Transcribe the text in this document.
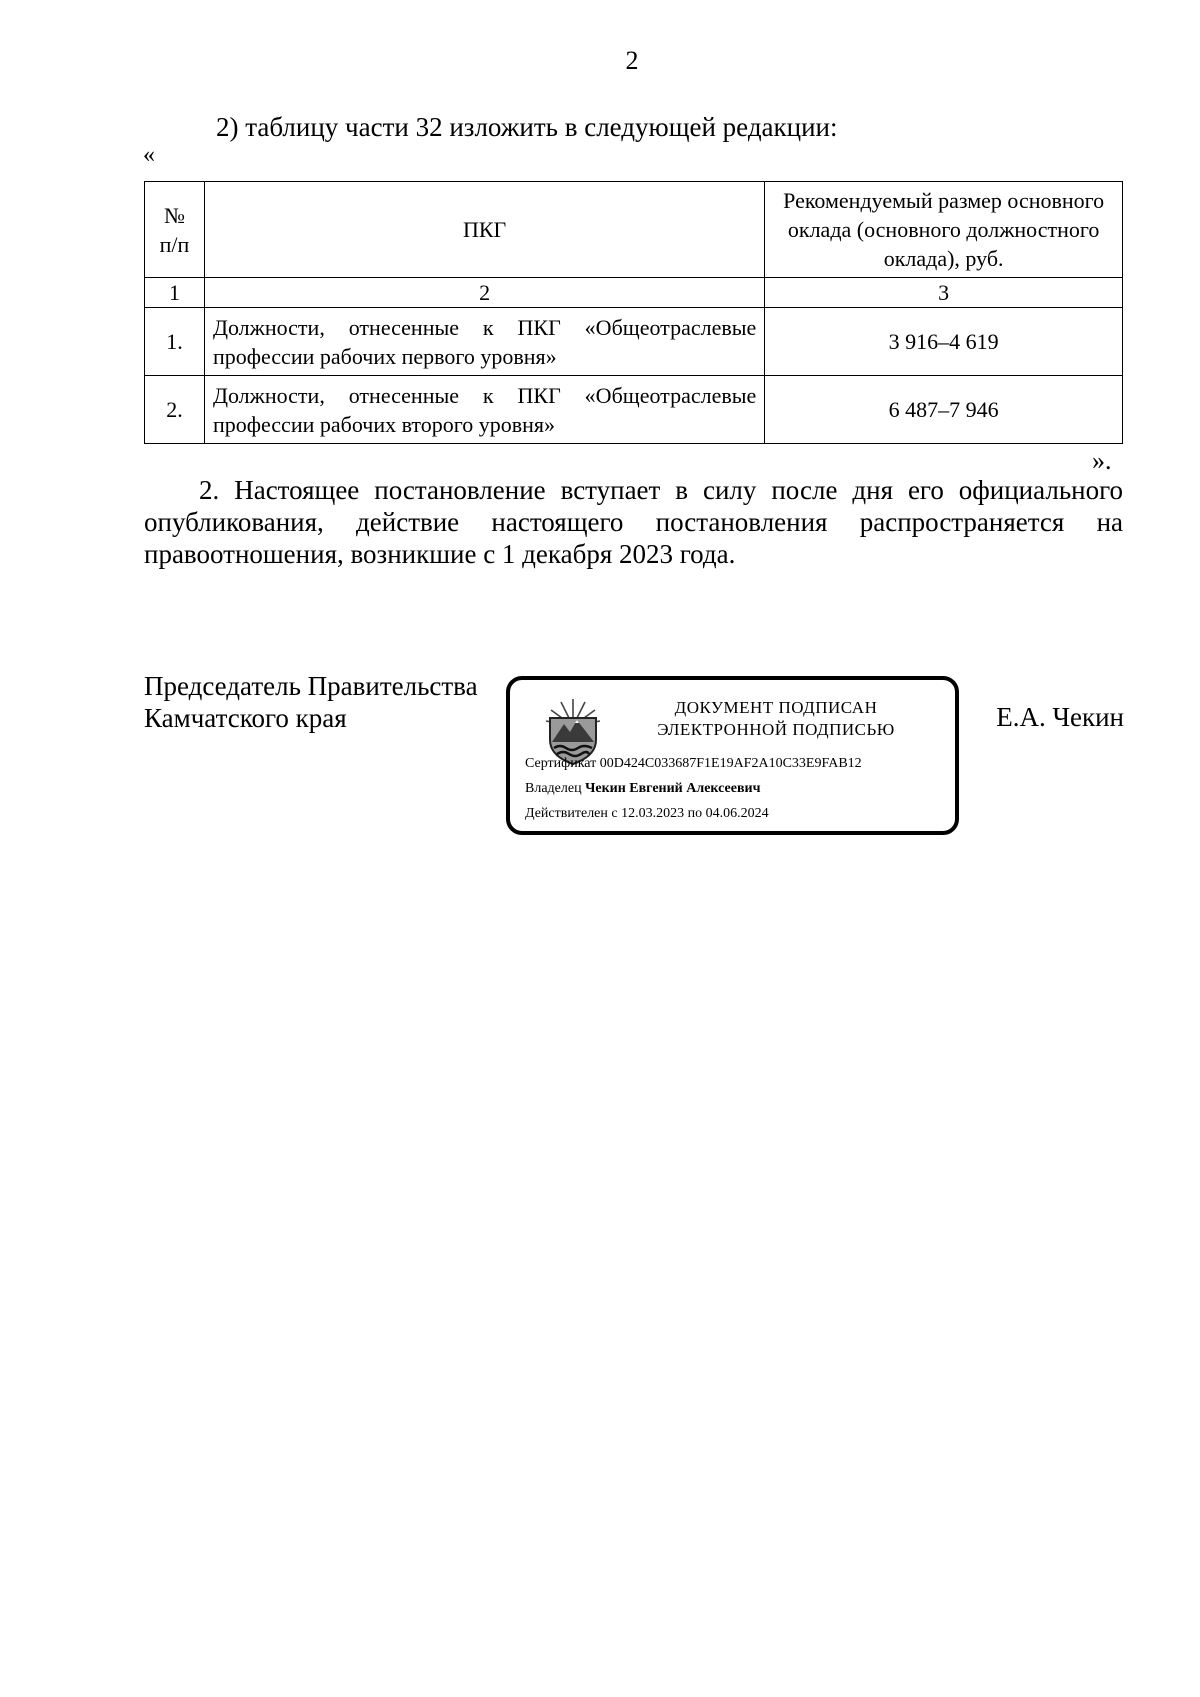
2
2) таблицу части 32 изложить в следующей редакции:
«
№ п/п	ПКГ	Рекомендуемый размер основного оклада (основного должностного оклада), руб.
1	2	3
1.	Должности, отнесенные к ПКГ «Общеотраслевые профессии рабочих первого уровня»	3 916–4 619
2.	Должности, отнесенные к ПКГ «Общеотраслевые профессии рабочих второго уровня»	6 487–7 946
».
2. Настоящее постановление вступает в силу после дня его официального опубликования, действие настоящего постановления распространяется на правоотношения, возникшие с 1 декабря 2023 года.
Председатель Правительства
Камчатского края	ДОКУМЕНТ ПОДПИСАН
ЭЛЕКТРОННОЙ ПОДПИСЬЮ
Сертификат 00D424C033687F1E19AF2A10C33E9FAB12
Владелец Чекин Евгений Алексеевич
Действителен с 12.03.2023 по 04.06.2024
Е.А. Чекин
